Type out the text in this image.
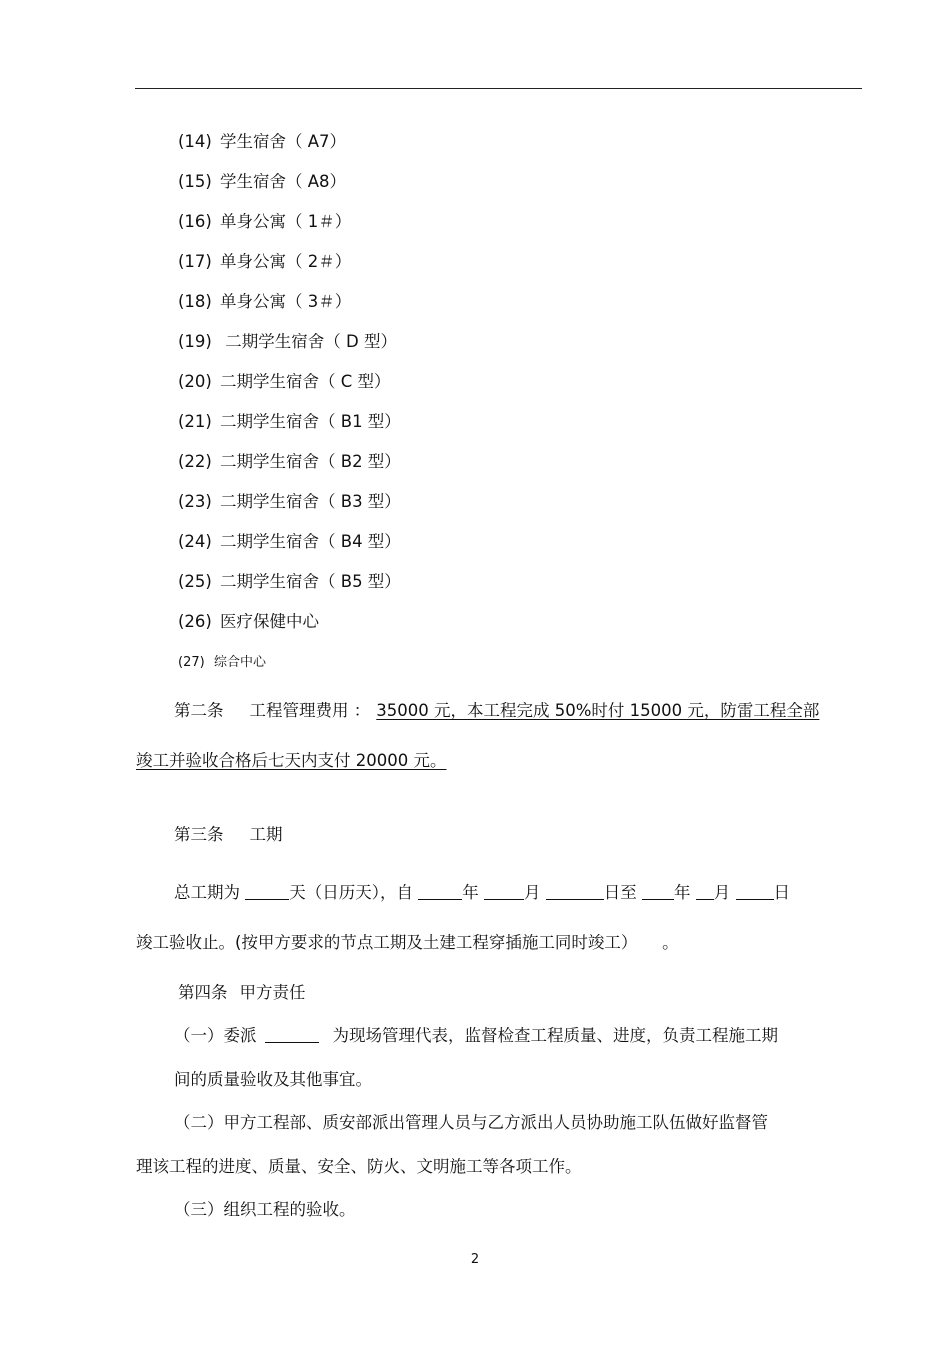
(14) 学生宿舍（ A7）
(15) 学生宿舍（ A8）
(16) 单身公寓（ 1＃）
(17) 单身公寓（ 2＃）
(18) 单身公寓（ 3＃）
(19) 二期学生宿舍（ D 型）
(20) 二期学生宿舍（ C 型）
(21) 二期学生宿舍（ B1 型）
(22) 二期学生宿舍（ B2 型）
(23) 二期学生宿舍（ B3 型）
(24) 二期学生宿舍（ B4 型）
(25) 二期学生宿舍（ B5 型）
(26) 医疗保健中心
(27) 综合中心
第二条 工程管理费用 ： 35000 元，本工程完成 50%时付 15000 元，防雷工程全部
竣工并验收合格后七天内支付 20000 元。
第三条 工期
总工期为	天（日历天），自	年	月	日至 年 月	日
竣工验收止。(按甲方要求的节点工期及土建工程穿插施工同时竣工）　　。
第四条 甲方责任
（一）委派	为现场管理代表，监督检查工程质量、进度，负责工程施工期
间的质量验收及其他事宜。
（二）甲方工程部、质安部派出管理人员与乙方派出人员协助施工队伍做好监督管
理该工程的进度、质量、安全、防火、文明施工等各项工作。
（三）组织工程的验收。
2
